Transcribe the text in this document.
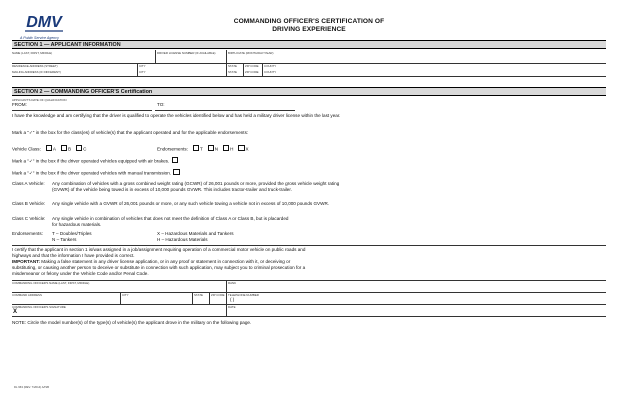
DMV
A Public Service Agency
COMMANDING OFFICER'S CERTIFICATION OF
DRIVING EXPERIENCE
SECTION 1 — APPLICANT INFORMATION
NAME (LAST, FIRST, MIDDLE)	DRIVER LICENSE NUMBER (IF AVAILABLE)	BIRTH DATE (MONTH/DAY/YEAR)
RESIDENCE ADDRESS (STREET)	CITY	STATE	ZIP CODE COUNTY
MAILING ADDRESS (IF DIFFERENT)	CITY	STATE	ZIP CODE COUNTY
SECTION 2 — COMMANDING OFFICER'S Certification
APPLICANT'S DATE OF QUALIFICATION
FROM:	TO:
I have the knowledge and am certifying that the driver is qualified to operate the vehicles identified below and has held a military driver license within the last year.
Mark a "✓" in the box for the class(es) of vehicle(s) that the applicant operated and for the applicable endorsements:
Vehicle Class:	A	B	C	Endorsements:	T	N	H	X
Mark a "✓" in the box if the driver operated vehicles equipped with air brakes.
Mark a "✓" in the box if the driver operated vehicles with manual transmission.
Class A Vehicle: Any combination of vehicles with a gross combined weight rating (GCWR) of 26,001 pounds or more, provided the gross vehicle weight rating (GVWR) of the vehicle being towed is in excess of 10,000 pounds GVWR. This includes tractor-trailer and truck-trailer.
Class B Vehicle: Any single vehicle with a GVWR of 26,001 pounds or more, or any such vehicle towing a vehicle not in excess of 10,000 pounds GVWR.
Class C Vehicle: Any single vehicle in combination of vehicles that does not meet the definition of Class A or Class B, but is placarded for hazardous materials.
Endorsements: T – Doubles/Triples
N – Tankers
X – Hazardous Materials and Tankers
H – Hazardous Materials
I certify that the applicant in section 1 is/was assigned in a job/assignment requiring operation of a commercial motor vehicle on public roads and highways and that the information I have provided is correct.
IMPORTANT: Making a false statement in any driver license application, or in any proof or statement in connection with it, or deceiving or substituting, or causing another person to deceive or substitute in connection with such application, may subject you to criminal prosecution for a misdemeanor or felony under the Vehicle Code and/or Penal Code.
COMMANDING OFFICER'S NAME (LAST, FIRST, MIDDLE)	RANK
COMMAND ADDRESS	CITY	STATE	ZIP CODE TELEPHONE NUMBER
( )
COMMANDING OFFICER'S SIGNATURE
X
DATE
NOTE: Circle the model number(s) of the type(s) of vehicle(s) the applicant drove in the military on the following page.
DL 963 (REV. 7/2014) A/ISB
